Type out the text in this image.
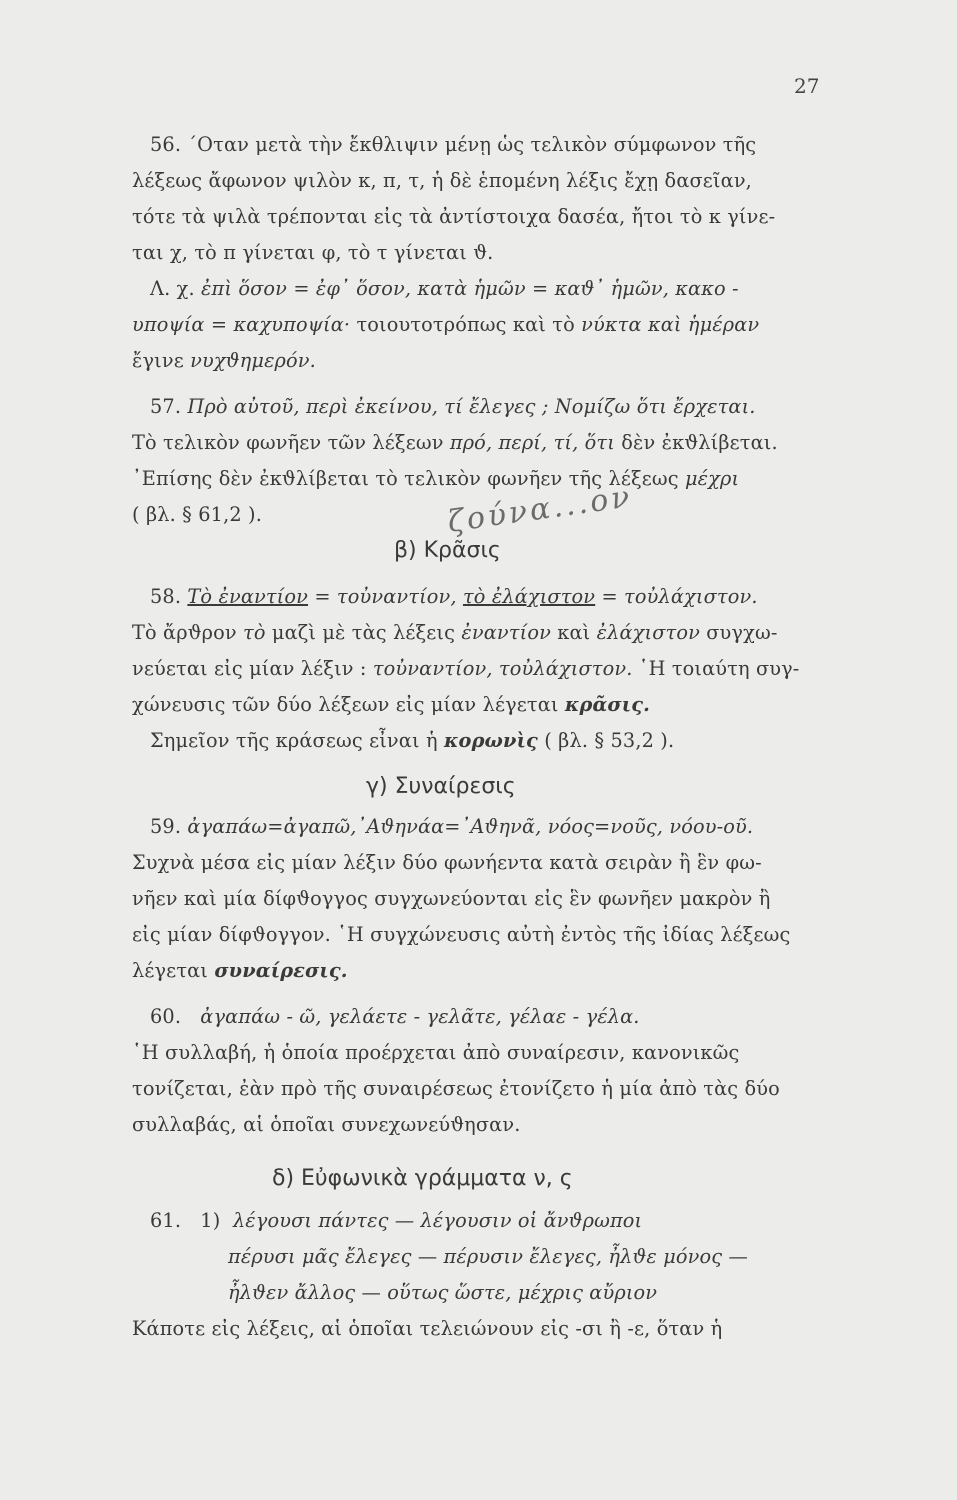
27
56. ΄Οταν μετὰ τὴν ἔκθλιψιν μένῃ ὡς τελικὸν σύμφωνον τῆς
λέξεως ἄφωνον ψιλὸν κ, π, τ, ἡ δὲ ἑπομένη λέξις ἔχῃ δασεῖαν,
τότε τὰ ψιλὰ τρέπονται εἰς τὰ ἀντίστοιχα δασέα, ἤτοι τὸ κ γίνε-
ται χ, τὸ π γίνεται φ, τὸ τ γίνεται ϑ.
Λ. χ. ἐπὶ ὅσον = ἐφ᾽ ὅσον, κατὰ ἡμῶν = καϑ᾽ ἡμῶν, κακο -
υποψία = καχυποψία· τοιουτοτρόπως καὶ τὸ νύκτα καὶ ἡμέραν
ἔγινε νυχϑημερόν.
57. Πρὸ αὐτοῦ, περὶ ἐκείνου, τί ἔλεγες ; Νομίζω ὅτι ἔρχεται.
Τὸ τελικὸν φωνῆεν τῶν λέξεων πρό, περί, τί, ὅτι δὲν ἐκϑλίβεται.
᾽Επίσης δὲν ἐκϑλίβεται τὸ τελικὸν φωνῆεν τῆς λέξεως μέχρι
( βλ. § 61,2 ).
β) Κρᾶσις
58. Τὸ ἐναντίον = τοὐναντίον, τὸ ἐλάχιστον = τοὐλάχιστον.
Τὸ ἄρϑρον τὸ μαζὶ μὲ τὰς λέξεις ἐναντίον καὶ ἐλάχιστον συγχω-
νεύεται εἰς μίαν λέξιν : τοὐναντίον, τοὐλάχιστον. ῾Η τοιαύτη συγ-
χώνευσις τῶν δύο λέξεων εἰς μίαν λέγεται κρᾶσις.
Σημεῖον τῆς κράσεως εἶναι ἡ κορωνὶς ( βλ. § 53,2 ).
γ) Συναίρεσις
59. ἀγαπάω=ἀγαπῶ,᾽Αϑηνάα=᾽Αϑηνᾶ, νόος=νοῦς, νόου-οῦ.
Συχνὰ μέσα εἰς μίαν λέξιν δύο φωνήεντα κατὰ σειρὰν ἢ ἓν φω-
νῆεν καὶ μία δίφϑογγος συγχωνεύονται εἰς ἓν φωνῆεν μακρὸν ἢ
εἰς μίαν δίφϑογγον. ῾Η συγχώνευσις αὐτὴ ἐντὸς τῆς ἰδίας λέξεως
λέγεται συναίρεσις.
60. ἀγαπάω - ῶ, γελάετε - γελᾶτε, γέλαε - γέλα.
῾Η συλλαβή, ἡ ὁποία προέρχεται ἀπὸ συναίρεσιν, κανονικῶς
τονίζεται, ἐὰν πρὸ τῆς συναιρέσεως ἐτονίζετο ἡ μία ἀπὸ τὰς δύο
συλλαβάς, αἱ ὁποῖαι συνεχωνεύϑησαν.
δ) Εὐφωνικὰ γράμματα ν, ς
61. 1) λέγουσι πάντες — λέγουσιν οἱ ἄνϑρωποι
πέρυσι μᾶς ἔλεγες — πέρυσιν ἔλεγες, ἦλϑε μόνος —
ἦλϑεν ἄλλος — οὕτως ὥστε, μέχρις αὔριον
Κάποτε εἰς λέξεις, αἱ ὁποῖαι τελειώνουν εἰς -σι ἢ -ε, ὅταν ἡ
ζούνα...ον
